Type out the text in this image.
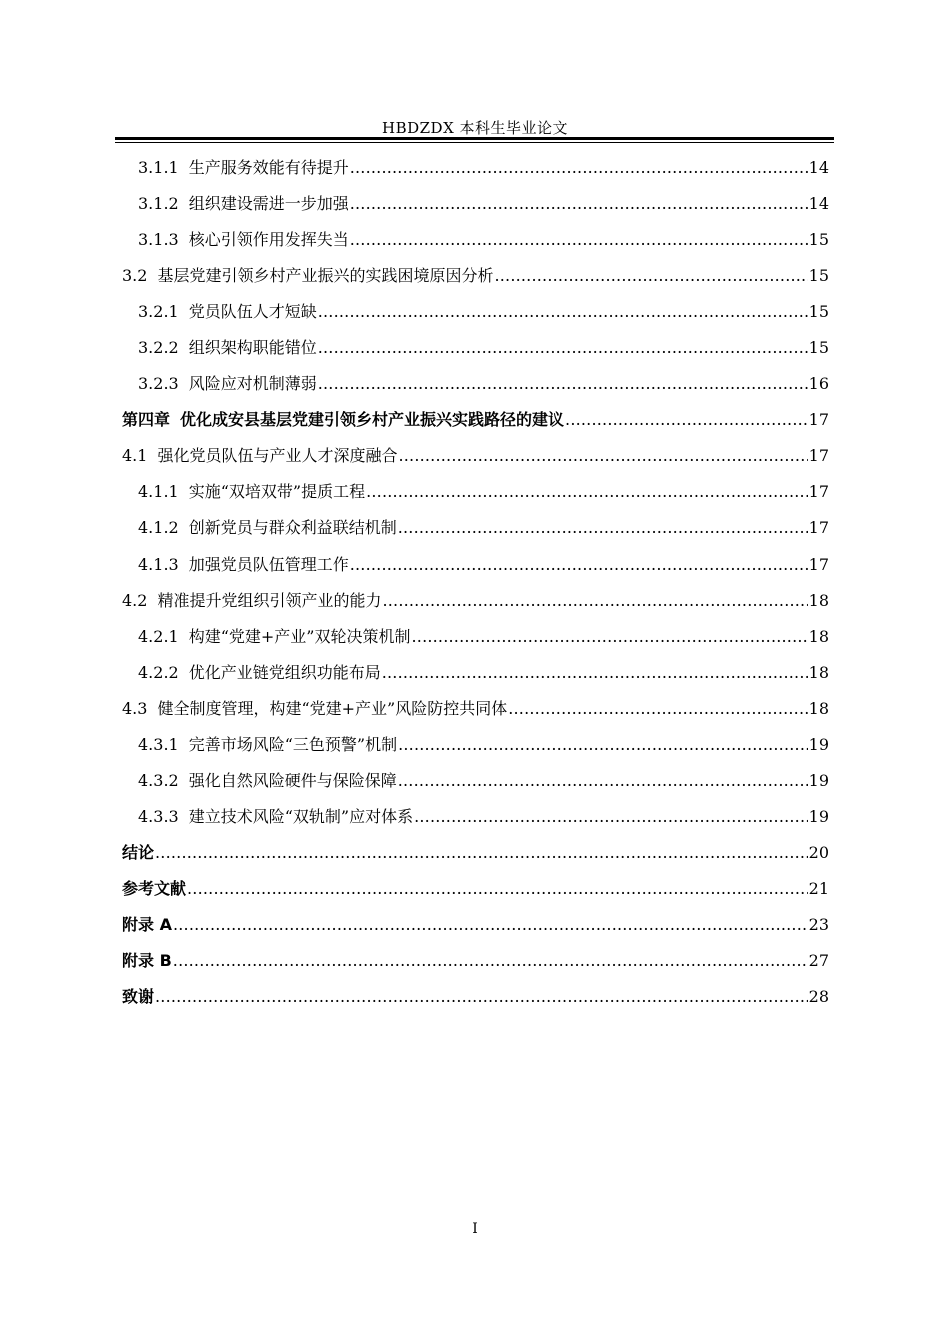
HBDZDX 本科生毕业论文
3.1.1 生产服务效能有待提升 .....	14
3.1.2 组织建设需进一步加强 .....	14
3.1.3 核心引领作用发挥失当 .....	15
3.2 基层党建引领乡村产业振兴的实践困境原因分析 .....	15
3.2.1 党员队伍人才短缺 .....	15
3.2.2 组织架构职能错位 .....	15
3.2.3 风险应对机制薄弱 .....	16
第四章 优化成安县基层党建引领乡村产业振兴实践路径的建议 .....	17
4.1 强化党员队伍与产业人才深度融合 .....	17
4.1.1 实施“双培双带”提质工程 .....	17
4.1.2 创新党员与群众利益联结机制 .....	17
4.1.3 加强党员队伍管理工作 .....	17
4.2 精准提升党组织引领产业的能力 .....	18
4.2.1 构建“党建+产业”双轮决策机制 .....	18
4.2.2 优化产业链党组织功能布局 .....	18
4.3 健全制度管理，构建“党建+产业”风险防控共同体 .....	18
4.3.1 完善市场风险“三色预警”机制 .....	19
4.3.2 强化自然风险硬件与保险保障 .....	19
4.3.3 建立技术风险“双轨制”应对体系 .....	19
结论 .....	20
参考文献 .....	21
附录 A .....	23
附录 B .....	27
致谢 .....	28
I
